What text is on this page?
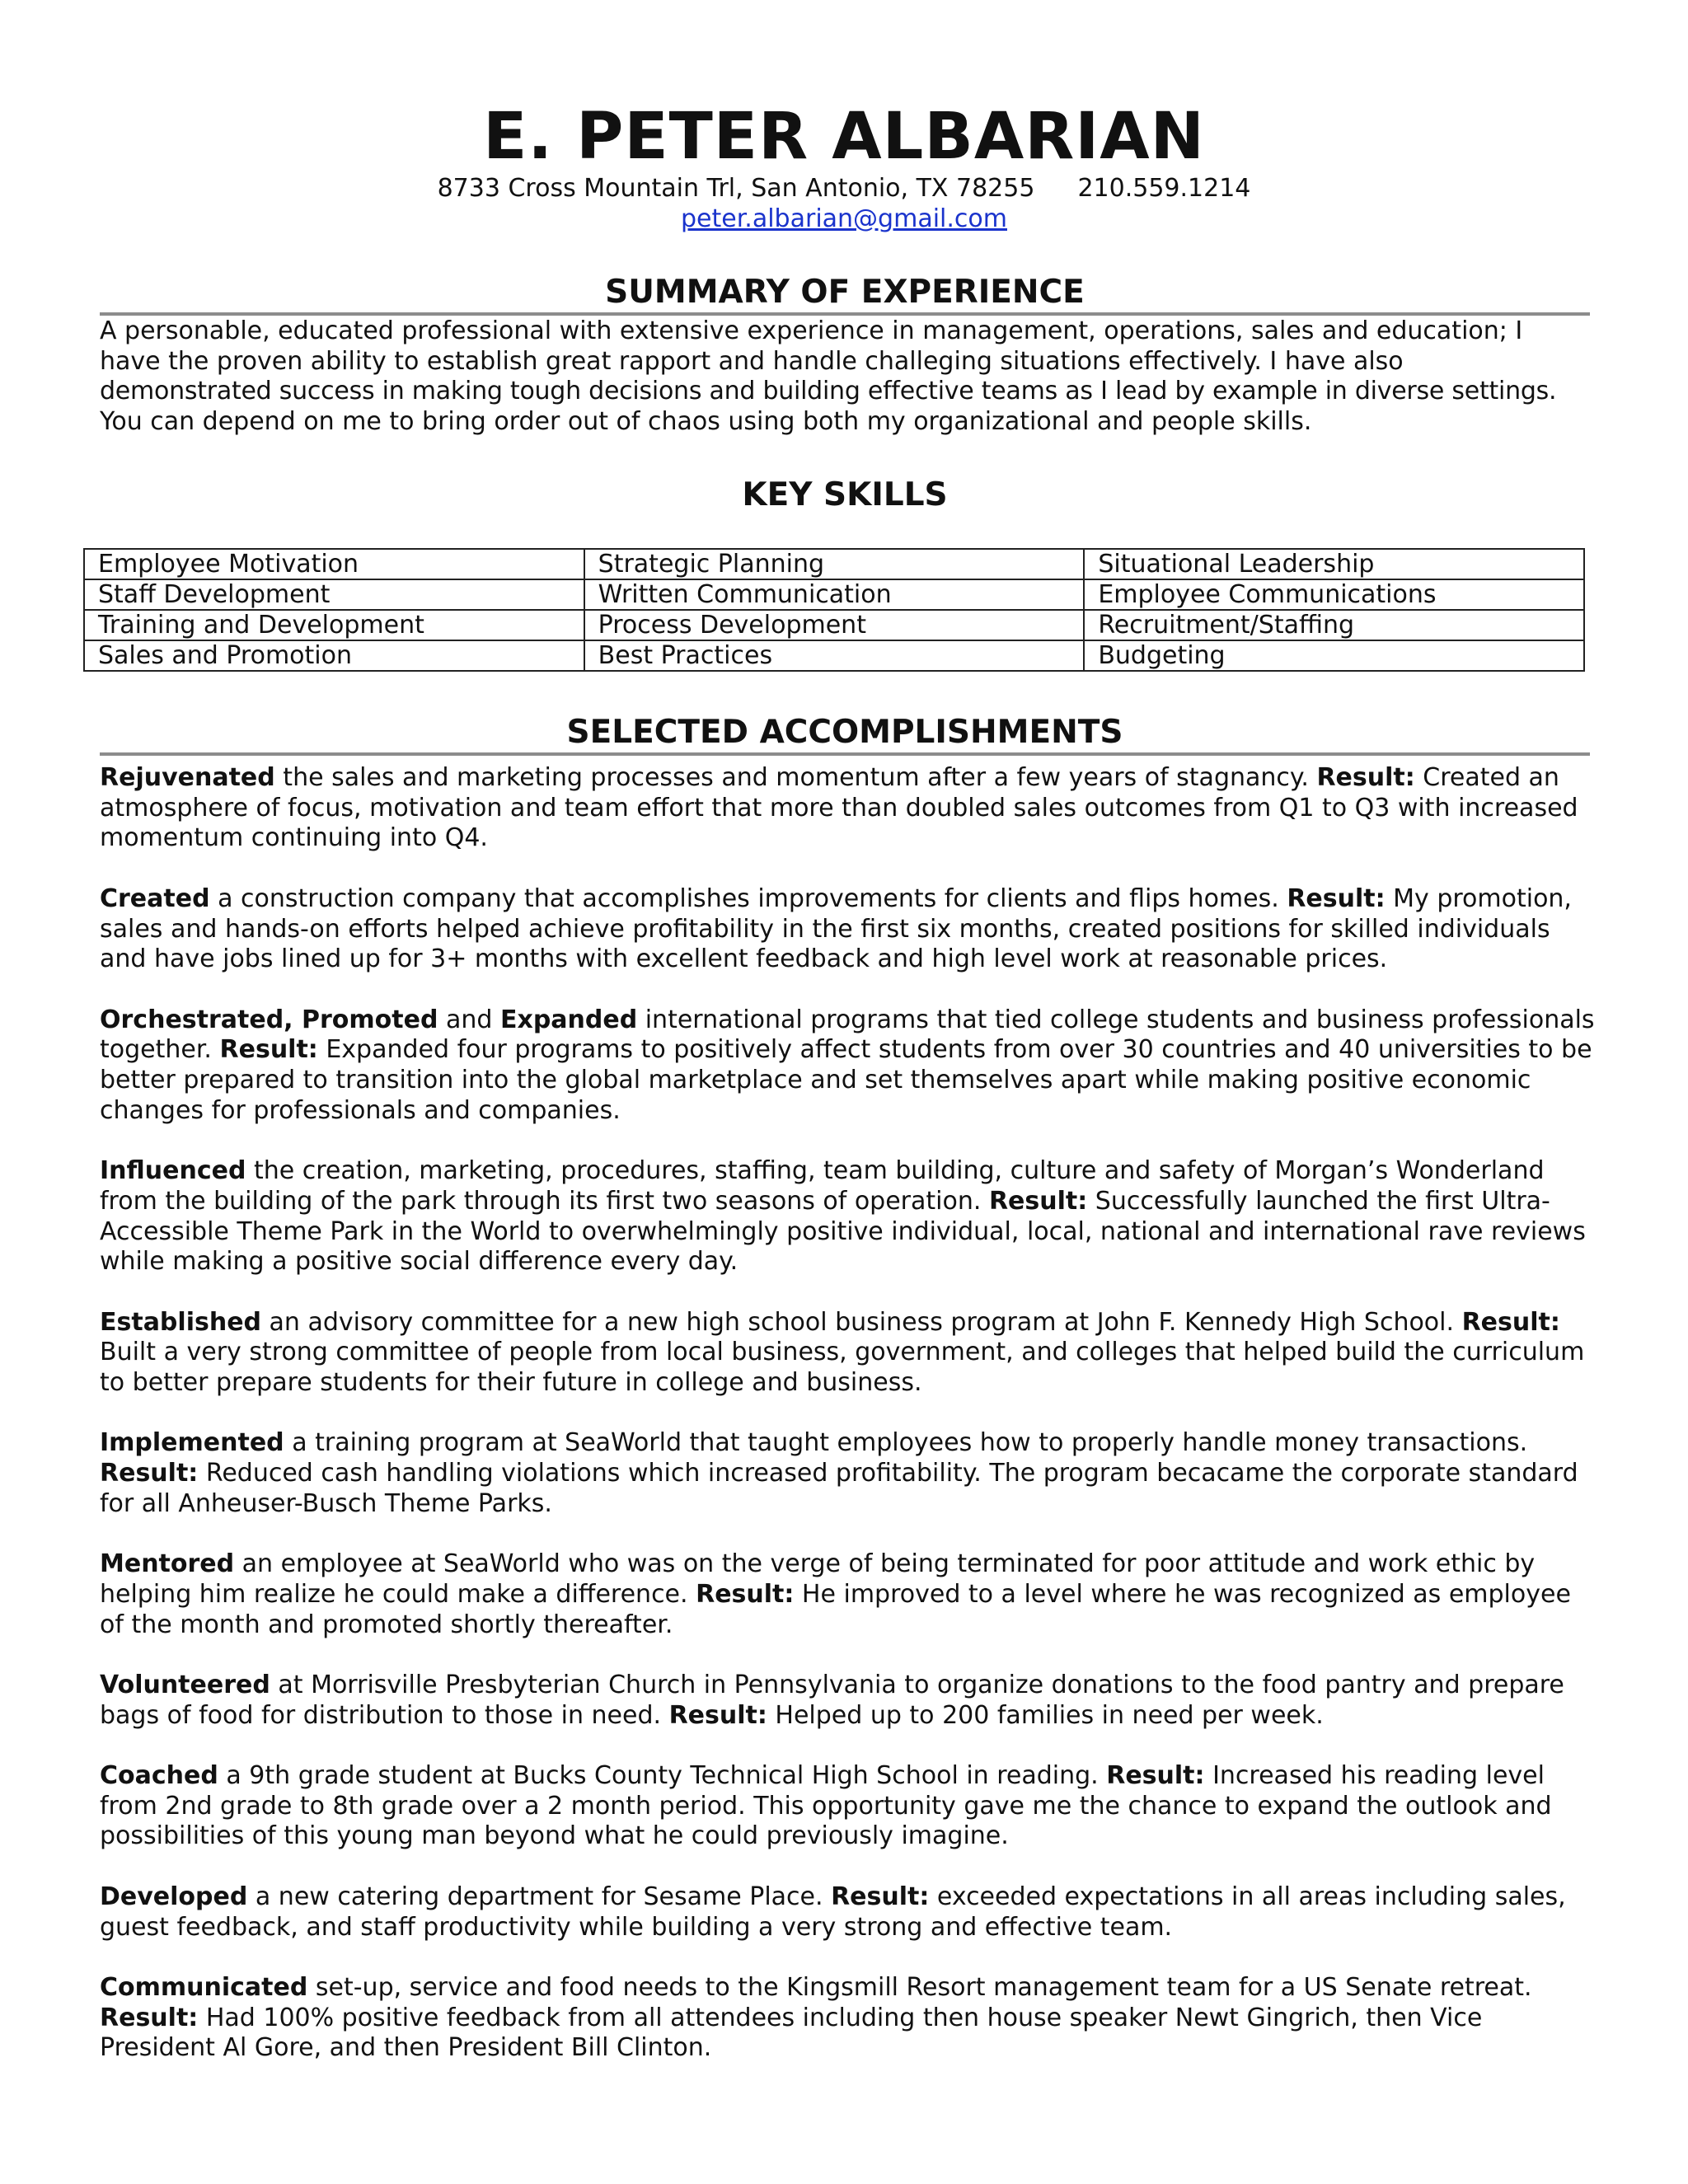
E. PETER ALBARIAN
8733 Cross Mountain Trl, San Antonio, TX 78255 210.559.1214
peter.albarian@gmail.com
SUMMARY OF EXPERIENCE
A personable, educated professional with extensive experience in management, operations, sales and education; I
have the proven ability to establish great rapport and handle challeging situations effectively. I have also
demonstrated success in making tough decisions and building effective teams as I lead by example in diverse settings.
You can depend on me to bring order out of chaos using both my organizational and people skills.
KEY SKILLS
Employee Motivation	Strategic Planning	Situational Leadership
Staff Development	Written Communication	Employee Communications
Training and Development	Process Development	Recruitment/Staffing
Sales and Promotion	Best Practices	Budgeting
SELECTED ACCOMPLISHMENTS
Rejuvenated the sales and marketing processes and momentum after a few years of stagnancy. Result: Created an atmosphere of focus, motivation and team effort that more than doubled sales outcomes from Q1 to Q3 with increased momentum continuing into Q4.
Created a construction company that accomplishes improvements for clients and flips homes. Result: My promotion, sales and hands-on efforts helped achieve profitability in the first six months, created positions for skilled individuals and have jobs lined up for 3+ months with excellent feedback and high level work at reasonable prices.
Orchestrated, Promoted and Expanded international programs that tied college students and business professionals together. Result: Expanded four programs to positively affect students from over 30 countries and 40 universities to be better prepared to transition into the global marketplace and set themselves apart while making positive economic changes for professionals and companies.
Influenced the creation, marketing, procedures, staffing, team building, culture and safety of Morgan’s Wonderland from the building of the park through its first two seasons of operation. Result: Successfully launched the first Ultra-Accessible Theme Park in the World to overwhelmingly positive individual, local, national and international rave reviews while making a positive social difference every day.
Established an advisory committee for a new high school business program at John F. Kennedy High School. Result: Built a very strong committee of people from local business, government, and colleges that helped build the curriculum to better prepare students for their future in college and business.
Implemented a training program at SeaWorld that taught employees how to properly handle money transactions. Result: Reduced cash handling violations which increased profitability. The program becacame the corporate standard for all Anheuser-Busch Theme Parks.
Mentored an employee at SeaWorld who was on the verge of being terminated for poor attitude and work ethic by helping him realize he could make a difference. Result: He improved to a level where he was recognized as employee of the month and promoted shortly thereafter.
Volunteered at Morrisville Presbyterian Church in Pennsylvania to organize donations to the food pantry and prepare bags of food for distribution to those in need. Result: Helped up to 200 families in need per week.
Coached a 9th grade student at Bucks County Technical High School in reading. Result: Increased his reading level from 2nd grade to 8th grade over a 2 month period. This opportunity gave me the chance to expand the outlook and possibilities of this young man beyond what he could previously imagine.
Developed a new catering department for Sesame Place. Result: exceeded expectations in all areas including sales, guest feedback, and staff productivity while building a very strong and effective team.
Communicated set-up, service and food needs to the Kingsmill Resort management team for a US Senate retreat. Result: Had 100% positive feedback from all attendees including then house speaker Newt Gingrich, then Vice President Al Gore, and then President Bill Clinton.
